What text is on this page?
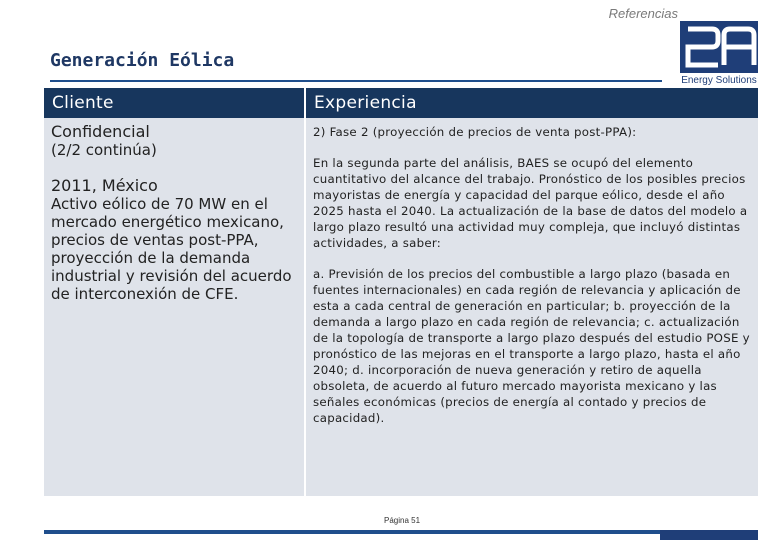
Referencias
Generación Eólica
Energy Solutions
Cliente

Confidencial

(2/2 continúa)

2011, México

Activo eólico de 70 MW en el mercado energético mexicano, precios de ventas post-PPA, proyección de la demanda industrial y revisión del acuerdo de interconexión de CFE.

Experiencia

2) Fase 2 (proyección de precios de venta post-PPA):

En la segunda parte del análisis, BAES se ocupó del elemento cuantitativo del alcance del trabajo. Pronóstico de los posibles precios mayoristas de energía y capacidad del parque eólico, desde el año 2025 hasta el 2040. La actualización de la base de datos del modelo a largo plazo resultó una actividad muy compleja, que incluyó distintas actividades, a saber:

a. Previsión de los precios del combustible a largo plazo (basada en fuentes internacionales) en cada región de relevancia y aplicación de esta a cada central de generación en particular; b. proyección de la demanda a largo plazo en cada región de relevancia; c. actualización de la topología de transporte a largo plazo después del estudio POSE y pronóstico de las mejoras en el transporte a largo plazo, hasta el año 2040; d. incorporación de nueva generación y retiro de aquella obsoleta, de acuerdo al futuro mercado mayorista mexicano y las señales económicas (precios de energía al contado y precios de capacidad).

Página 51
